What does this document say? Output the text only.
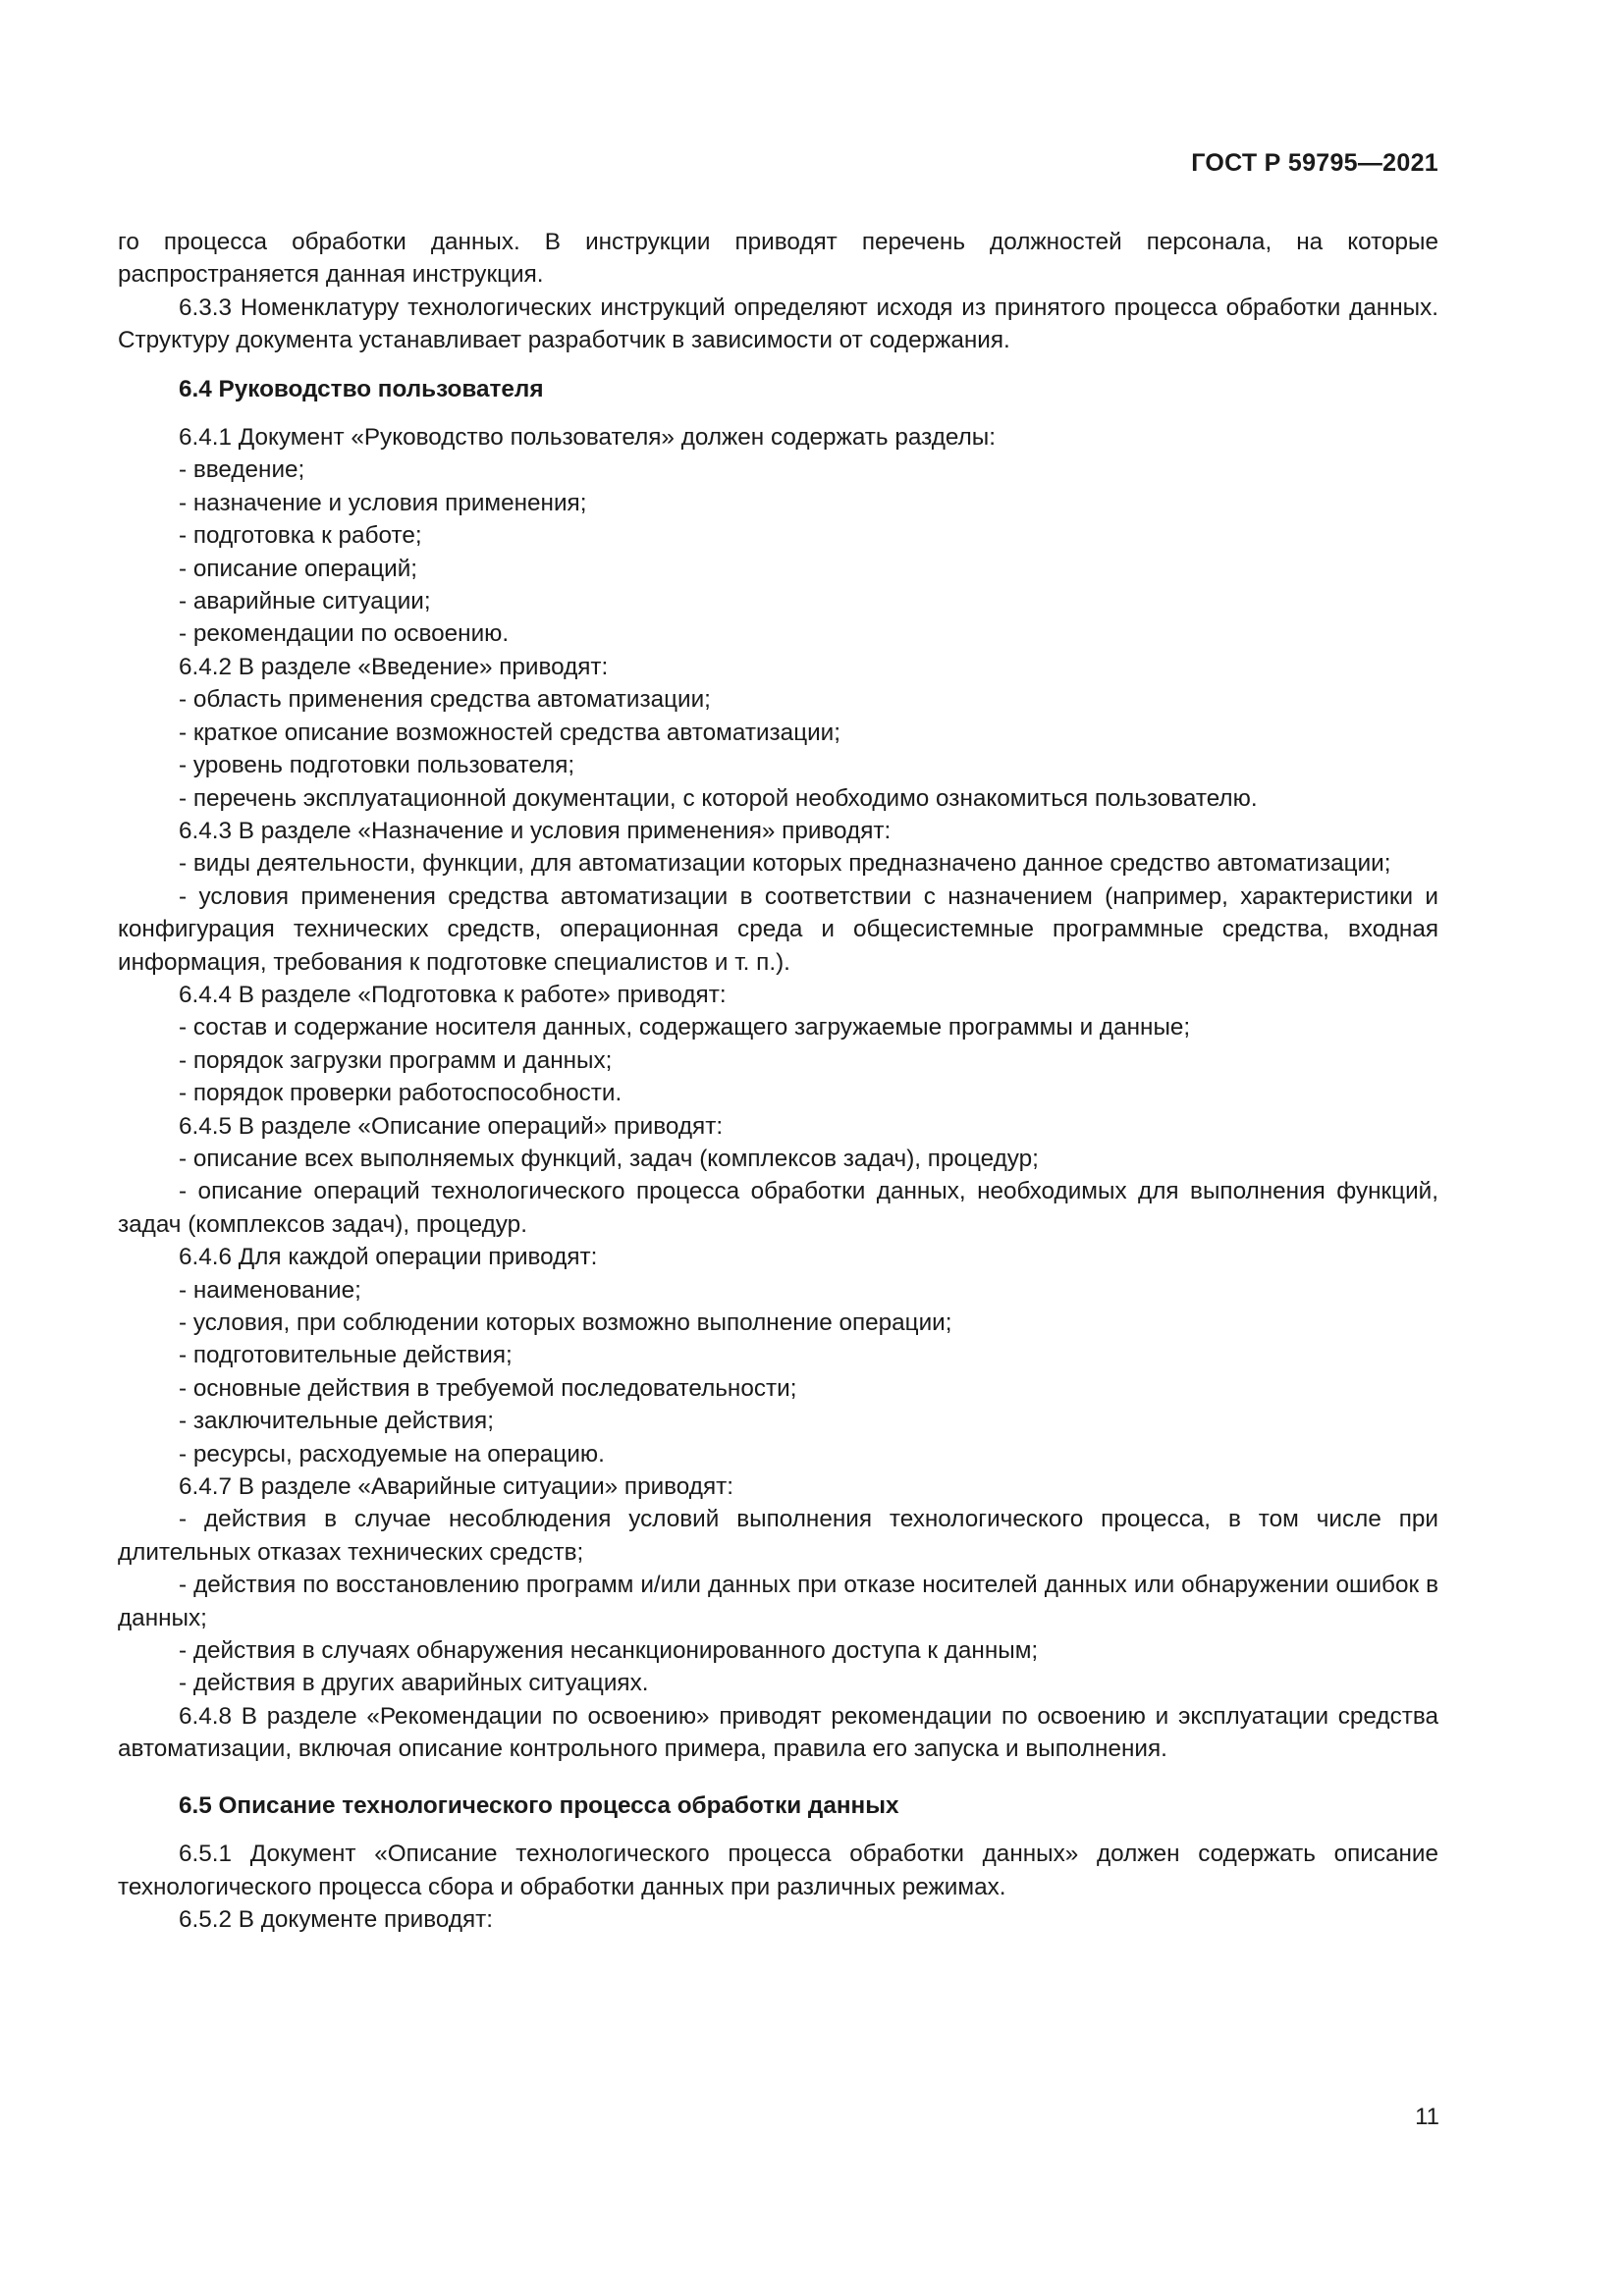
ГОСТ Р 59795—2021

го процесса обработки данных. В инструкции приводят перечень должностей персонала, на которые распространяется данная инструкция.

6.3.3 Номенклатуру технологических инструкций определяют исходя из принятого процесса обработки данных. Структуру документа устанавливает разработчик в зависимости от содержания.

6.4 Руководство пользователя

6.4.1 Документ «Руководство пользователя» должен содержать разделы:

- введение;

- назначение и условия применения;

- подготовка к работе;

- описание операций;

- аварийные ситуации;

- рекомендации по освоению.

6.4.2 В разделе «Введение» приводят:

- область применения средства автоматизации;

- краткое описание возможностей средства автоматизации;

- уровень подготовки пользователя;

- перечень эксплуатационной документации, с которой необходимо ознакомиться пользователю.

6.4.3 В разделе «Назначение и условия применения» приводят:

- виды деятельности, функции, для автоматизации которых предназначено данное средство автоматизации;

- условия применения средства автоматизации в соответствии с назначением (например, характеристики и конфигурация технических средств, операционная среда и общесистемные программные средства, входная информация, требования к подготовке специалистов и т. п.).

6.4.4 В разделе «Подготовка к работе» приводят:

- состав и содержание носителя данных, содержащего загружаемые программы и данные;

- порядок загрузки программ и данных;

- порядок проверки работоспособности.

6.4.5 В разделе «Описание операций» приводят:

- описание всех выполняемых функций, задач (комплексов задач), процедур;

- описание операций технологического процесса обработки данных, необходимых для выполнения функций, задач (комплексов задач), процедур.

6.4.6 Для каждой операции приводят:

- наименование;

- условия, при соблюдении которых возможно выполнение операции;

- подготовительные действия;

- основные действия в требуемой последовательности;

- заключительные действия;

- ресурсы, расходуемые на операцию.

6.4.7 В разделе «Аварийные ситуации» приводят:

- действия в случае несоблюдения условий выполнения технологического процесса, в том числе при длительных отказах технических средств;

- действия по восстановлению программ и/или данных при отказе носителей данных или обнаружении ошибок в данных;

- действия в случаях обнаружения несанкционированного доступа к данным;

- действия в других аварийных ситуациях.

6.4.8 В разделе «Рекомендации по освоению» приводят рекомендации по освоению и эксплуатации средства автоматизации, включая описание контрольного примера, правила его запуска и выполнения.

6.5 Описание технологического процесса обработки данных

6.5.1 Документ «Описание технологического процесса обработки данных» должен содержать описание технологического процесса сбора и обработки данных при различных режимах.

6.5.2 В документе приводят:

11
